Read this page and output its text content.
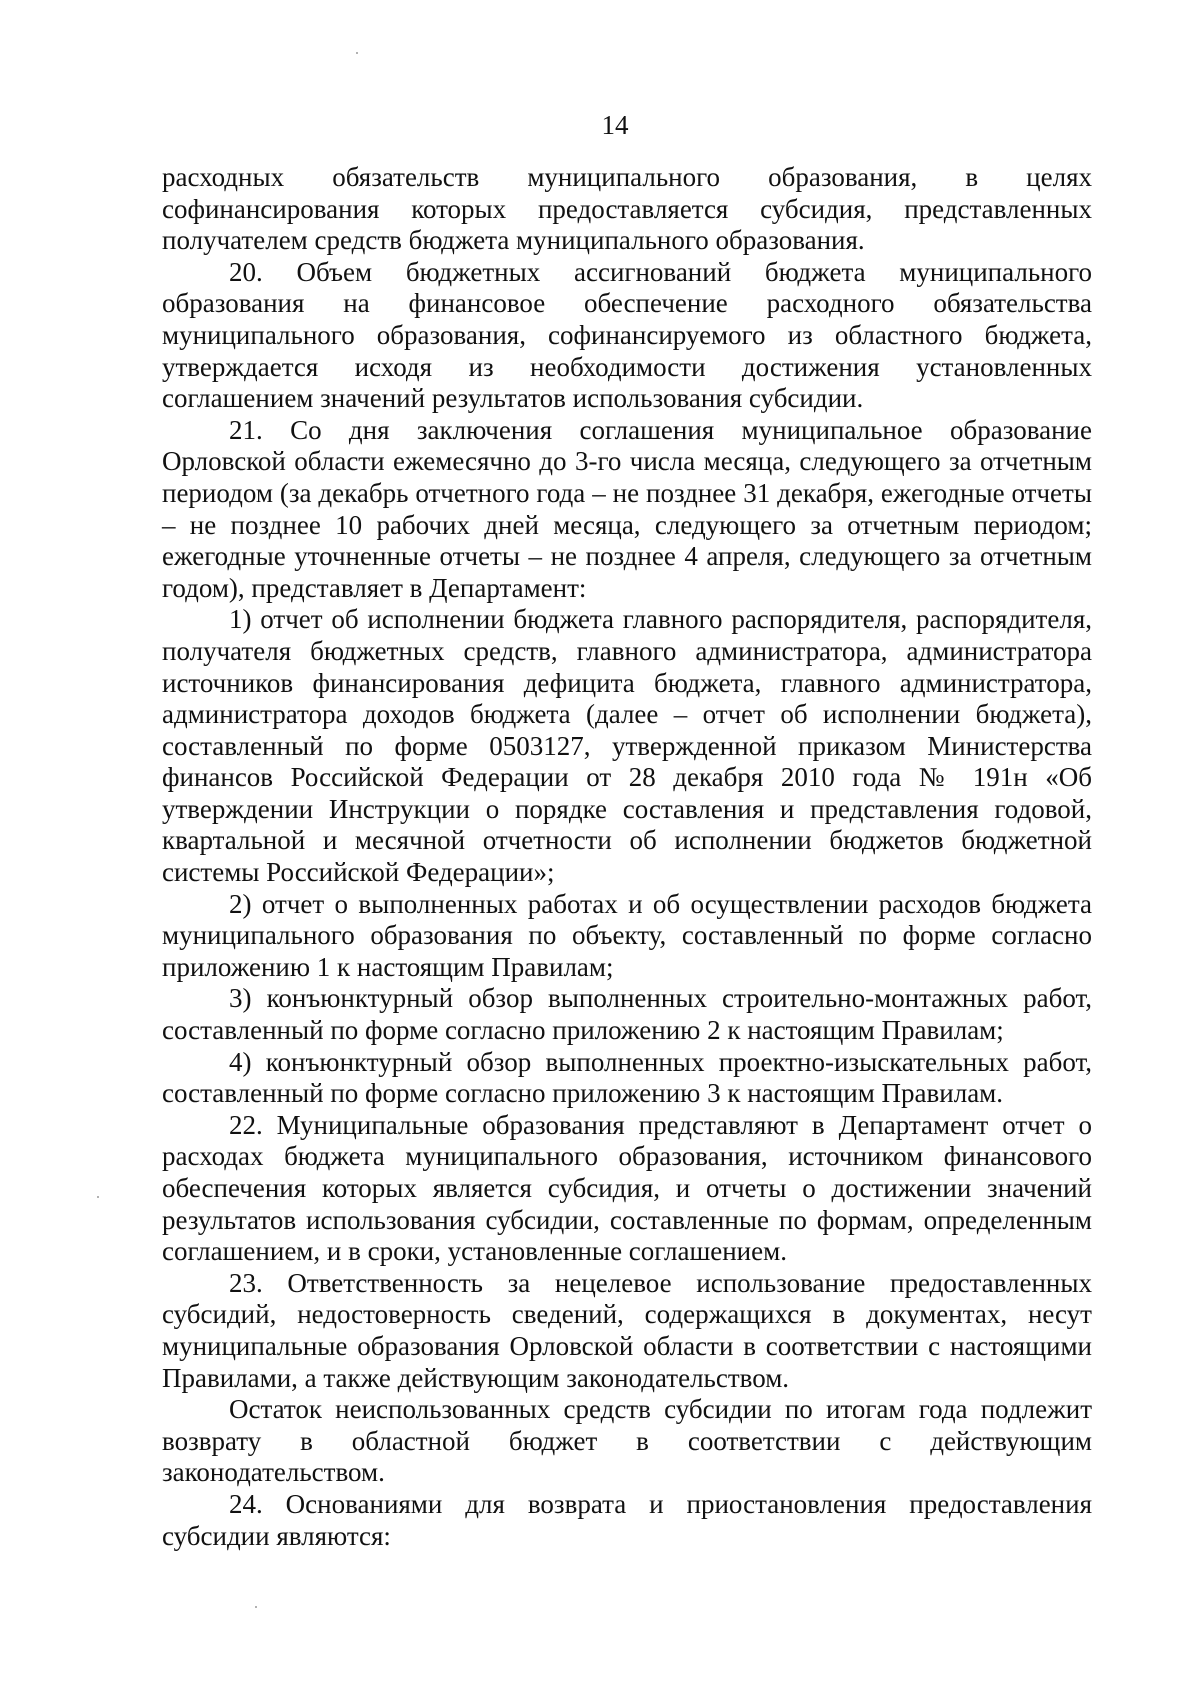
14

расходных обязательств муниципального образования, в целях софинансирования которых предоставляется субсидия, представленных получателем средств бюджета муниципального образования.

20. Объем бюджетных ассигнований бюджета муниципального образования на финансовое обеспечение расходного обязательства муниципального образования, софинансируемого из областного бюджета, утверждается исходя из необходимости достижения установленных соглашением значений результатов использования субсидии.

21. Со дня заключения соглашения муниципальное образование Орловской области ежемесячно до 3-го числа месяца, следующего за отчетным периодом (за декабрь отчетного года – не позднее 31 декабря, ежегодные отчеты – не позднее 10 рабочих дней месяца, следующего за отчетным периодом; ежегодные уточненные отчеты – не позднее 4 апреля, следующего за отчетным годом), представляет в Департамент:

1) отчет об исполнении бюджета главного распорядителя, распорядителя, получателя бюджетных средств, главного администратора, администратора источников финансирования дефицита бюджета, главного администратора, администратора доходов бюджета (далее – отчет об исполнении бюджета), составленный по форме 0503127, утвержденной приказом Министерства финансов Российской Федерации от 28 декабря 2010 года № 191н «Об утверждении Инструкции о порядке составления и представления годовой, квартальной и месячной отчетности об исполнении бюджетов бюджетной системы Российской Федерации»;

2) отчет о выполненных работах и об осуществлении расходов бюджета муниципального образования по объекту, составленный по форме согласно приложению 1 к настоящим Правилам;

3) конъюнктурный обзор выполненных строительно-монтажных работ, составленный по форме согласно приложению 2 к настоящим Правилам;

4) конъюнктурный обзор выполненных проектно-изыскательных работ, составленный по форме согласно приложению 3 к настоящим Правилам.

22. Муниципальные образования представляют в Департамент отчет о расходах бюджета муниципального образования, источником финансового обеспечения которых является субсидия, и отчеты о достижении значений результатов использования субсидии, составленные по формам, определенным соглашением, и в сроки, установленные соглашением.

23. Ответственность за нецелевое использование предоставленных субсидий, недостоверность сведений, содержащихся в документах, несут муниципальные образования Орловской области в соответствии с настоящими Правилами, а также действующим законодательством.

Остаток неиспользованных средств субсидии по итогам года подлежит возврату в областной бюджет в соответствии с действующим законодательством.

24. Основаниями для возврата и приостановления предоставления субсидии являются:
